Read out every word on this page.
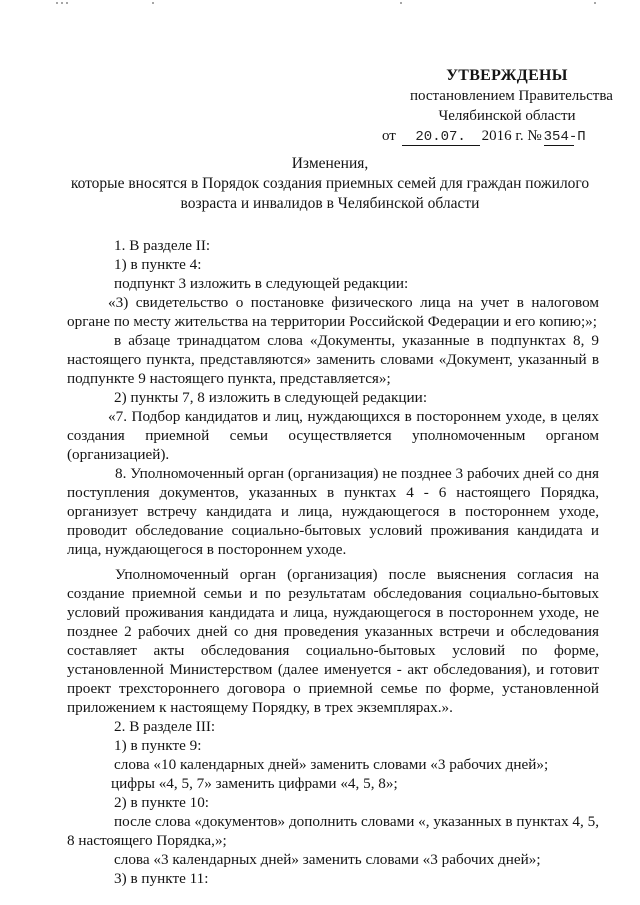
УТВЕРЖДЕНЫ
постановлением Правительства
Челябинской области
от 20.07. 2016 г. № 354-П
Изменения,
которые вносятся в Порядок создания приемных семей для граждан пожилого
возраста и инвалидов в Челябинской области

1. В разделе II:

1) в пункте 4:

подпункт 3 изложить в следующей редакции:

«3) свидетельство о постановке физического лица на учет в налоговом органе по месту жительства на территории Российской Федерации и его копию;»;

в абзаце тринадцатом слова «Документы, указанные в подпунктах 8, 9 настоящего пункта, представляются» заменить словами «Документ, указанный в подпункте 9 настоящего пункта, представляется»;

2) пункты 7, 8 изложить в следующей редакции:

«7. Подбор кандидатов и лиц, нуждающихся в постороннем уходе, в целях создания приемной семьи осуществляется уполномоченным органом (организацией).

8. Уполномоченный орган (организация) не позднее 3 рабочих дней со дня поступления документов, указанных в пунктах 4 - 6 настоящего Порядка, организует встречу кандидата и лица, нуждающегося в постороннем уходе, проводит обследование социально-бытовых условий проживания кандидата и лица, нуждающегося в постороннем уходе.

Уполномоченный орган (организация) после выяснения согласия на создание приемной семьи и по результатам обследования социально-бытовых условий проживания кандидата и лица, нуждающегося в постороннем уходе, не позднее 2 рабочих дней со дня проведения указанных встречи и обследования составляет акты обследования социально-бытовых условий по форме, установленной Министерством (далее именуется - акт обследования), и готовит проект трехстороннего договора о приемной семье по форме, установленной приложением к настоящему Порядку, в трех экземплярах.».

2. В разделе III:

1) в пункте 9:

слова «10 календарных дней» заменить словами «3 рабочих дней»;

цифры «4, 5, 7» заменить цифрами «4, 5, 8»;

2) в пункте 10:

после слова «документов» дополнить словами «, указанных в пунктах 4, 5, 8 настоящего Порядка,»;

слова «3 календарных дней» заменить словами «3 рабочих дней»;

3) в пункте 11:
